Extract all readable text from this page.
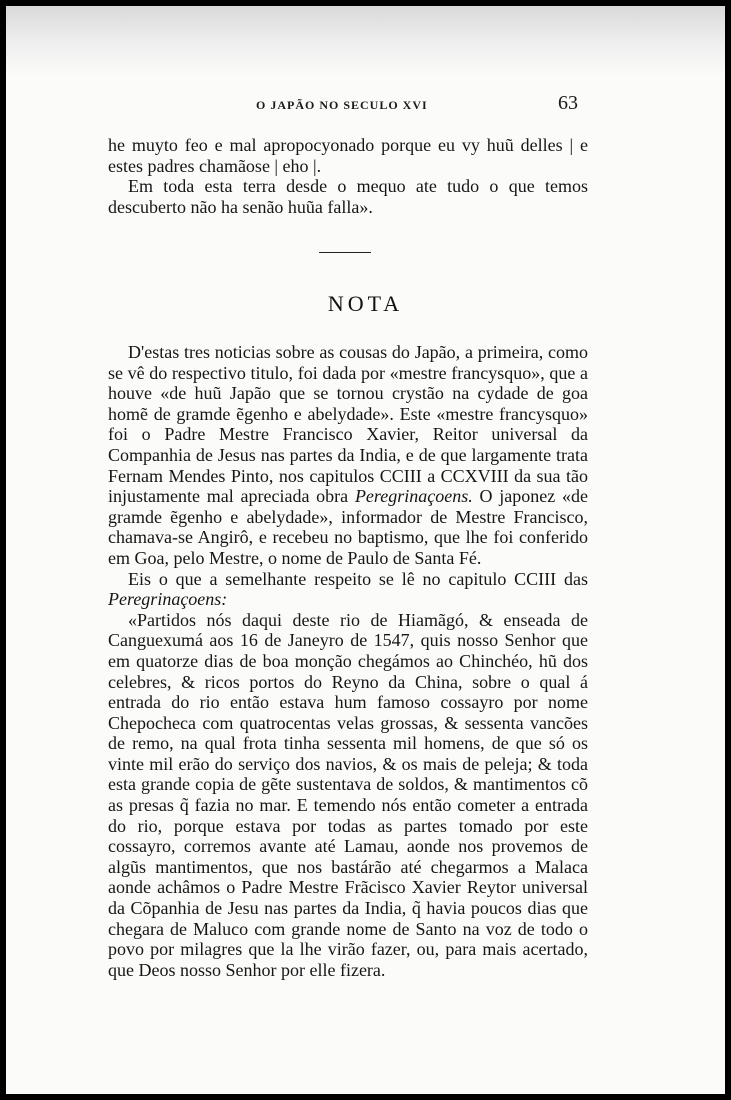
O JAPÃO NO SECULO XVI	63

he muyto feo e mal apropocyonado porque eu vy huũ delles | e estes padres chamãose | eho |.

Em toda esta terra desde o mequo ate tudo o que temos descuberto não ha senão huũa falla».

NOTA

D'estas tres noticias sobre as cousas do Japão, a primeira, como se vê do respectivo titulo, foi dada por «mestre francysquo», que a houve «de huũ Japão que se tornou crystão na cydade de goa homẽ de gramde ẽgenho e abelydade». Este «mestre francysquo» foi o Padre Mestre Francisco Xavier, Reitor universal da Companhia de Jesus nas partes da India, e de que largamente trata Fernam Mendes Pinto, nos capitulos CCIII a CCXVIII da sua tão injustamente mal apreciada obra Peregrinaçoens. O japonez «de gramde ẽgenho e abelydade», informador de Mestre Francisco, chamava-se Angirô, e recebeu no baptismo, que lhe foi conferido em Goa, pelo Mestre, o nome de Paulo de Santa Fé.

Eis o que a semelhante respeito se lê no capitulo CCIII das Peregrinaçoens:

«Partidos nós daqui deste rio de Hiamãgó, & enseada de Canguexumá aos 16 de Janeyro de 1547, quis nosso Senhor que em quatorze dias de boa monção chegámos ao Chinchéo, hũ dos celebres, & ricos portos do Reyno da China, sobre o qual á entrada do rio então estava hum famoso cossayro por nome Chepocheca com quatrocentas velas grossas, & sessenta vancões de remo, na qual frota tinha sessenta mil homens, de que só os vinte mil erão do serviço dos navios, & os mais de peleja; & toda esta grande copia de gẽte sustentava de soldos, & mantimentos cõ as presas q̃ fazia no mar. E temendo nós então cometer a entrada do rio, porque estava por todas as partes tomado por este cossayro, corremos avante até Lamau, aonde nos provemos de algũs mantimentos, que nos bastárão até chegarmos a Malaca aonde achâmos o Padre Mestre Frãcisco Xavier Reytor universal da Cõpanhia de Jesu nas partes da India, q̃ havia poucos dias que chegara de Maluco com grande nome de Santo na voz de todo o povo por milagres que la lhe virão fazer, ou, para mais acertado, que Deos nosso Senhor por elle fizera.
